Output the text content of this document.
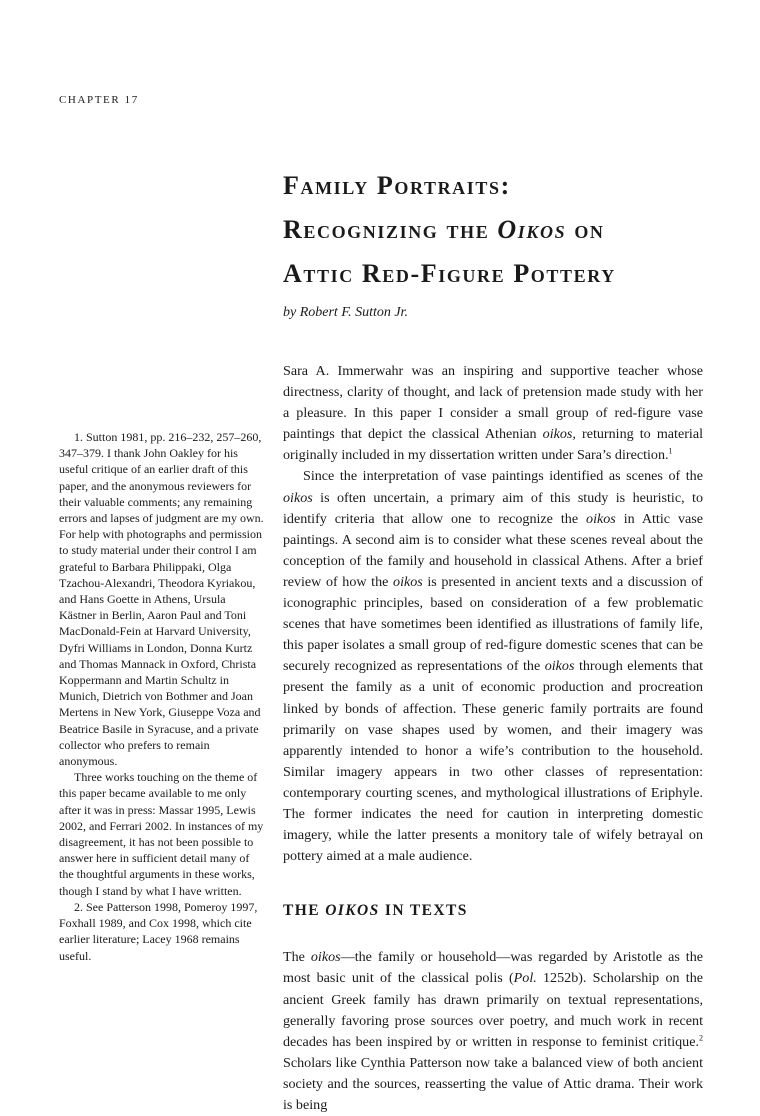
CHAPTER 17
Family Portraits:
Recognizing the Oikos on
Attic Red-Figure Pottery
by Robert F. Sutton Jr.

Sara A. Immerwahr was an inspiring and supportive teacher whose directness, clarity of thought, and lack of pretension made study with her a pleasure. In this paper I consider a small group of red-figure vase paintings that depict the classical Athenian oikos, returning to material originally included in my dissertation written under Sara’s direction.$^1$

Since the interpretation of vase paintings identified as scenes of the oikos is often uncertain, a primary aim of this study is heuristic, to identify criteria that allow one to recognize the oikos in Attic vase paintings. A second aim is to consider what these scenes reveal about the conception of the family and household in classical Athens. After a brief review of how the oikos is presented in ancient texts and a discussion of iconographic principles, based on consideration of a few problematic scenes that have sometimes been identified as illustrations of family life, this paper isolates a small group of red-figure domestic scenes that can be securely recognized as representations of the oikos through elements that present the family as a unit of economic production and procreation linked by bonds of affection. These generic family portraits are found primarily on vase shapes used by women, and their imagery was apparently intended to honor a wife’s contribution to the household. Similar imagery appears in two other classes of representation: contemporary courting scenes, and mythological illustrations of Eriphyle. The former indicates the need for caution in interpreting domestic imagery, while the latter presents a monitory tale of wifely betrayal on pottery aimed at a male audience.

THE OIKOS IN TEXTS

The oikos—the family or household—was regarded by Aristotle as the most basic unit of the classical polis (Pol. 1252b). Scholarship on the ancient Greek family has drawn primarily on textual representations, generally favoring prose sources over poetry, and much work in recent decades has been inspired by or written in response to feminist critique.$^2$ Scholars like Cynthia Patterson now take a balanced view of both ancient society and the sources, reasserting the value of Attic drama. Their work is being

1. Sutton 1981, pp. 216–232, 257–260, 347–379. I thank John Oakley for his useful critique of an earlier draft of this paper, and the anonymous reviewers for their valuable comments; any remaining errors and lapses of judgment are my own. For help with photographs and permission to study material under their control I am grateful to Barbara Philippaki, Olga Tzachou-Alexandri, Theodora Kyriakou, and Hans Goette in Athens, Ursula Kästner in Berlin, Aaron Paul and Toni MacDonald-Fein at Harvard University, Dyfri Williams in London, Donna Kurtz and Thomas Mannack in Oxford, Christa Koppermann and Martin Schultz in Munich, Dietrich von Bothmer and Joan Mertens in New York, Giuseppe Voza and Beatrice Basile in Syracuse, and a private collector who prefers to remain anonymous.

Three works touching on the theme of this paper became available to me only after it was in press: Massar 1995, Lewis 2002, and Ferrari 2002. In instances of my disagreement, it has not been possible to answer here in sufficient detail many of the thoughtful arguments in these works, though I stand by what I have written.

2. See Patterson 1998, Pomeroy 1997, Foxhall 1989, and Cox 1998, which cite earlier literature; Lacey 1968 remains useful.
